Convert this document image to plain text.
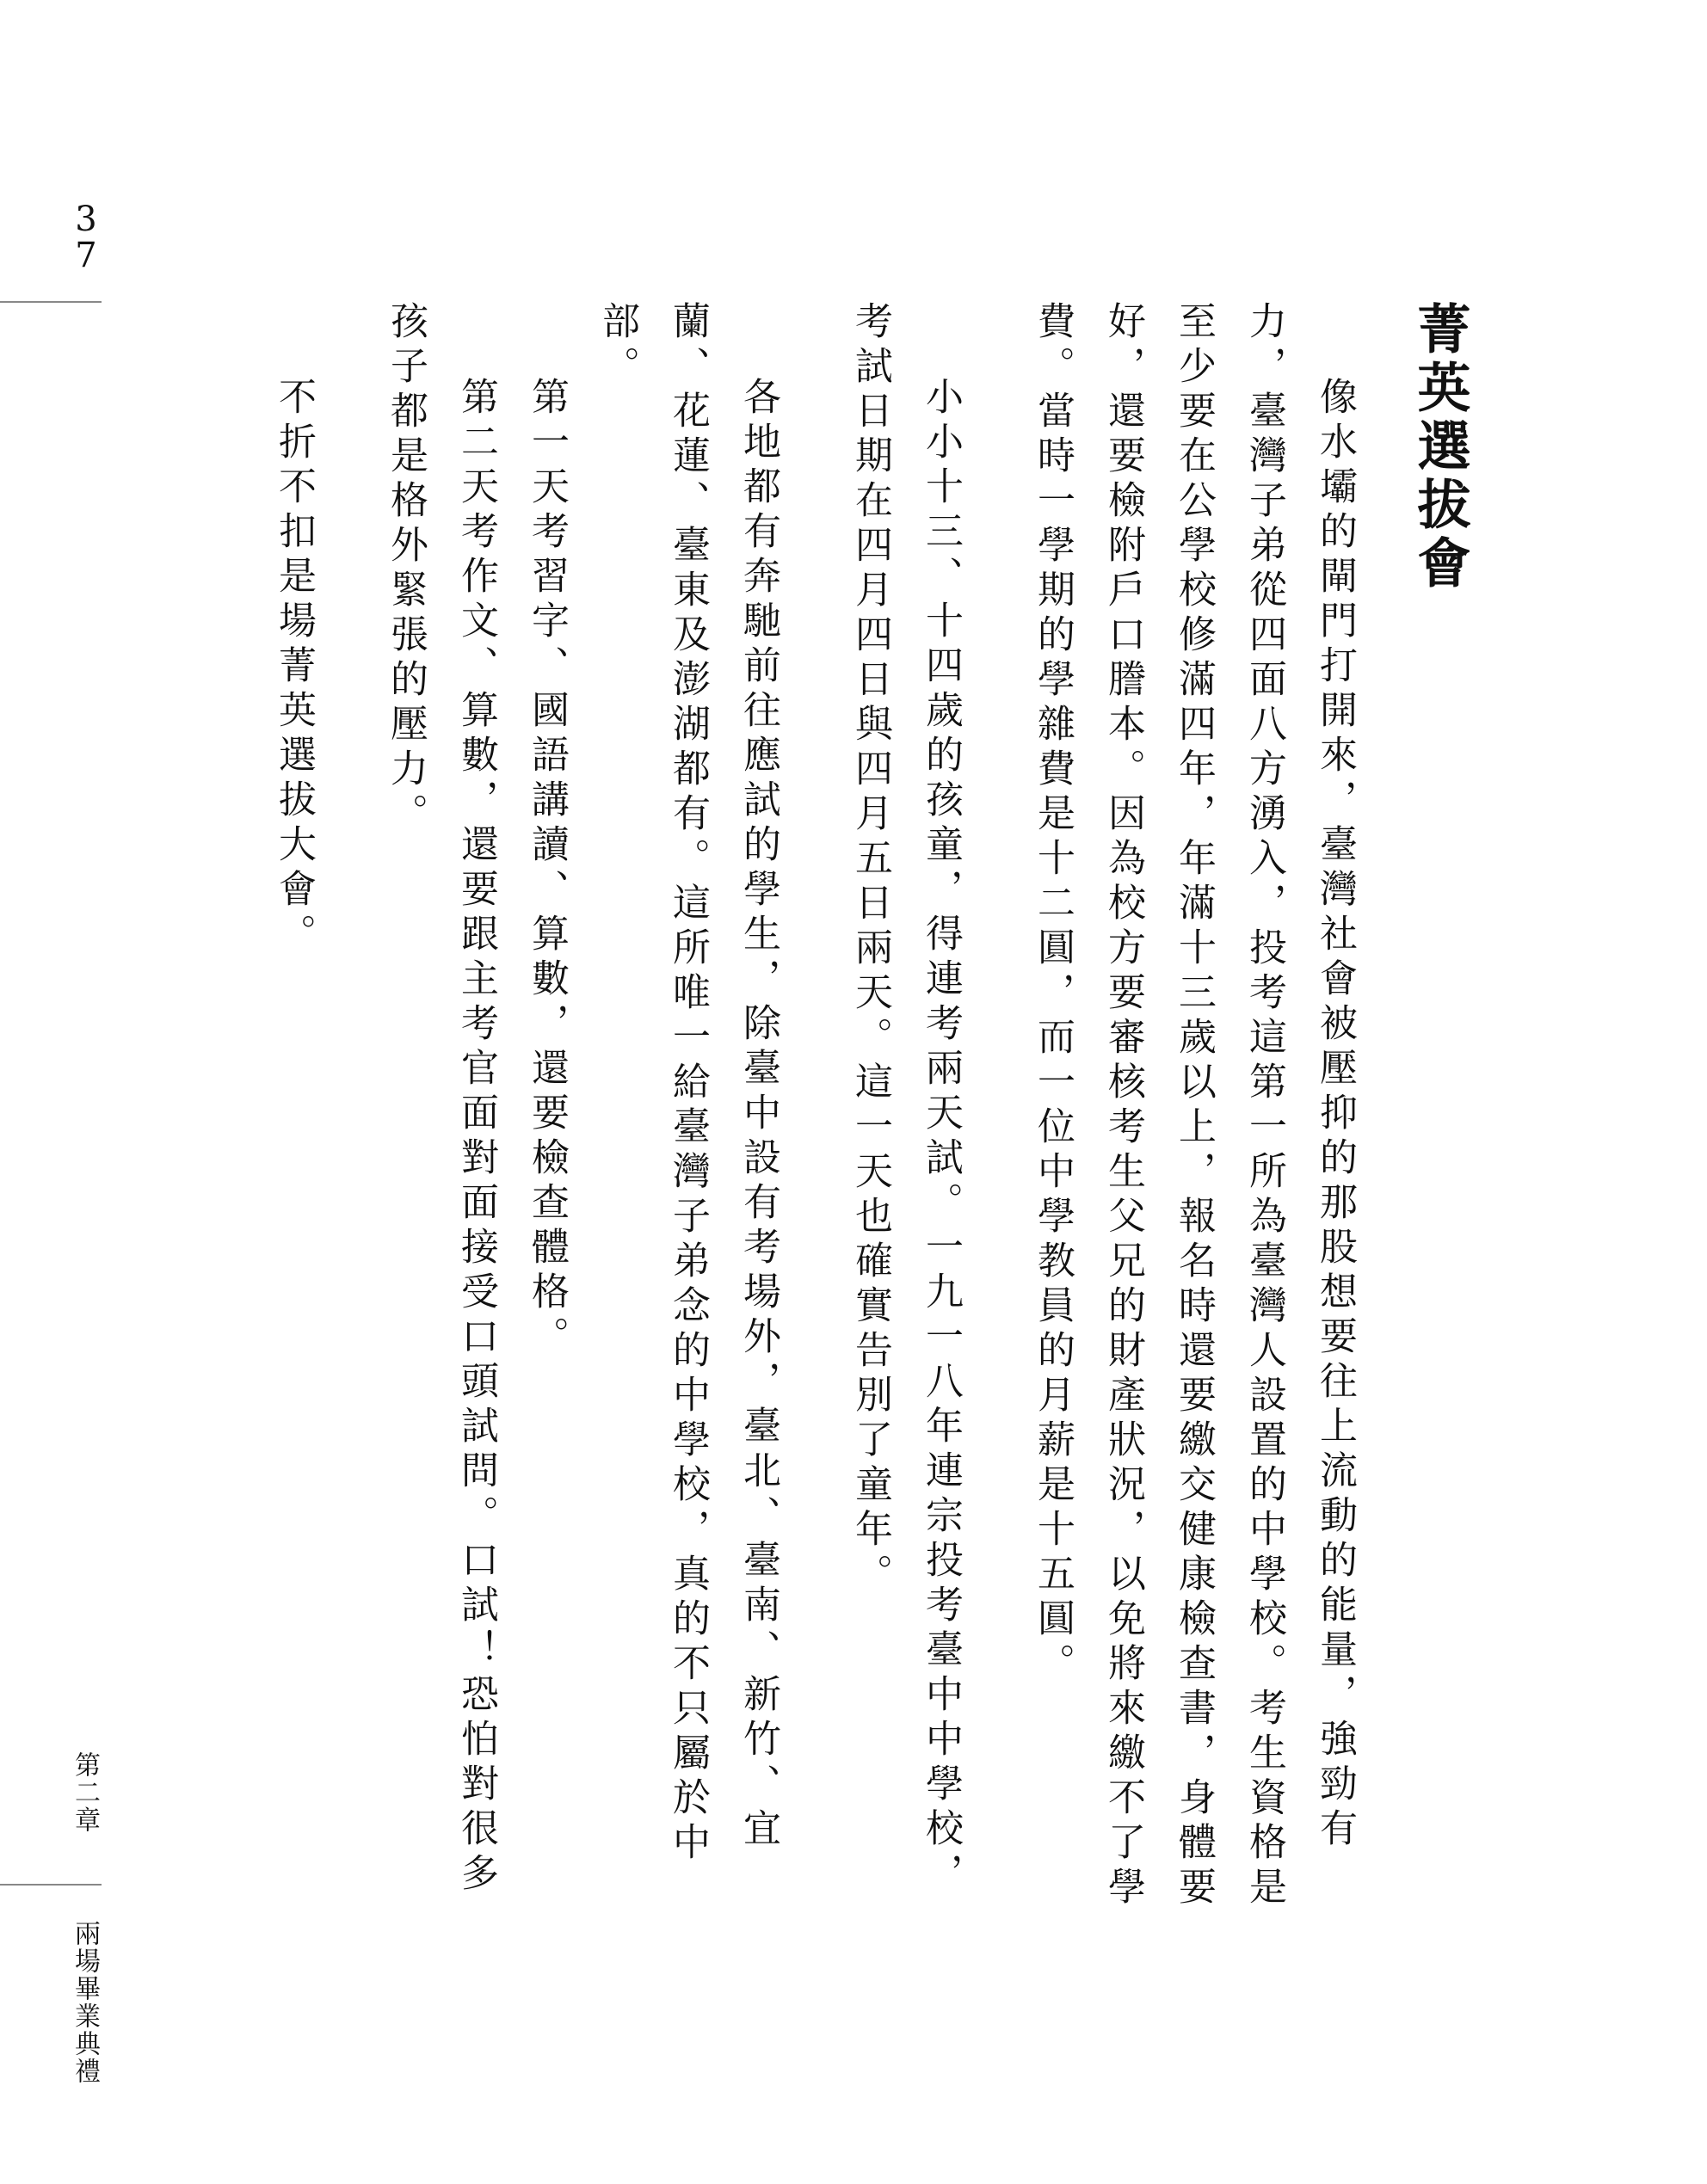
37
第二章
兩場畢業典禮
菁英選拔會

像水壩的閘門打開來，臺灣社會被壓抑的那股想要往上流動的能量，強勁有力，臺灣子弟從四面八方湧入，投考這第一所為臺灣人設置的中學校。考生資格是至少要在公學校修滿四年，年滿十三歲以上，報名時還要繳交健康檢查書，身體要好，還要檢附戶口謄本。因為校方要審核考生父兄的財產狀況，以免將來繳不了學費。當時一學期的學雜費是十二圓，而一位中學教員的月薪是十五圓。

小小十三、十四歲的孩童，得連考兩天試。一九一八年連宗投考臺中中學校，考試日期在四月四日與四月五日兩天。這一天也確實告別了童年。

各地都有奔馳前往應試的學生，除臺中設有考場外，臺北、臺南、新竹、宜蘭、花蓮、臺東及澎湖都有。這所唯一給臺灣子弟念的中學校，真的不只屬於中部。

第一天考習字、國語講讀、算數，還要檢查體格。

第二天考作文、算數，還要跟主考官面對面接受口頭試問。口試！恐怕對很多孩子都是格外緊張的壓力。

不折不扣是場菁英選拔大會。
